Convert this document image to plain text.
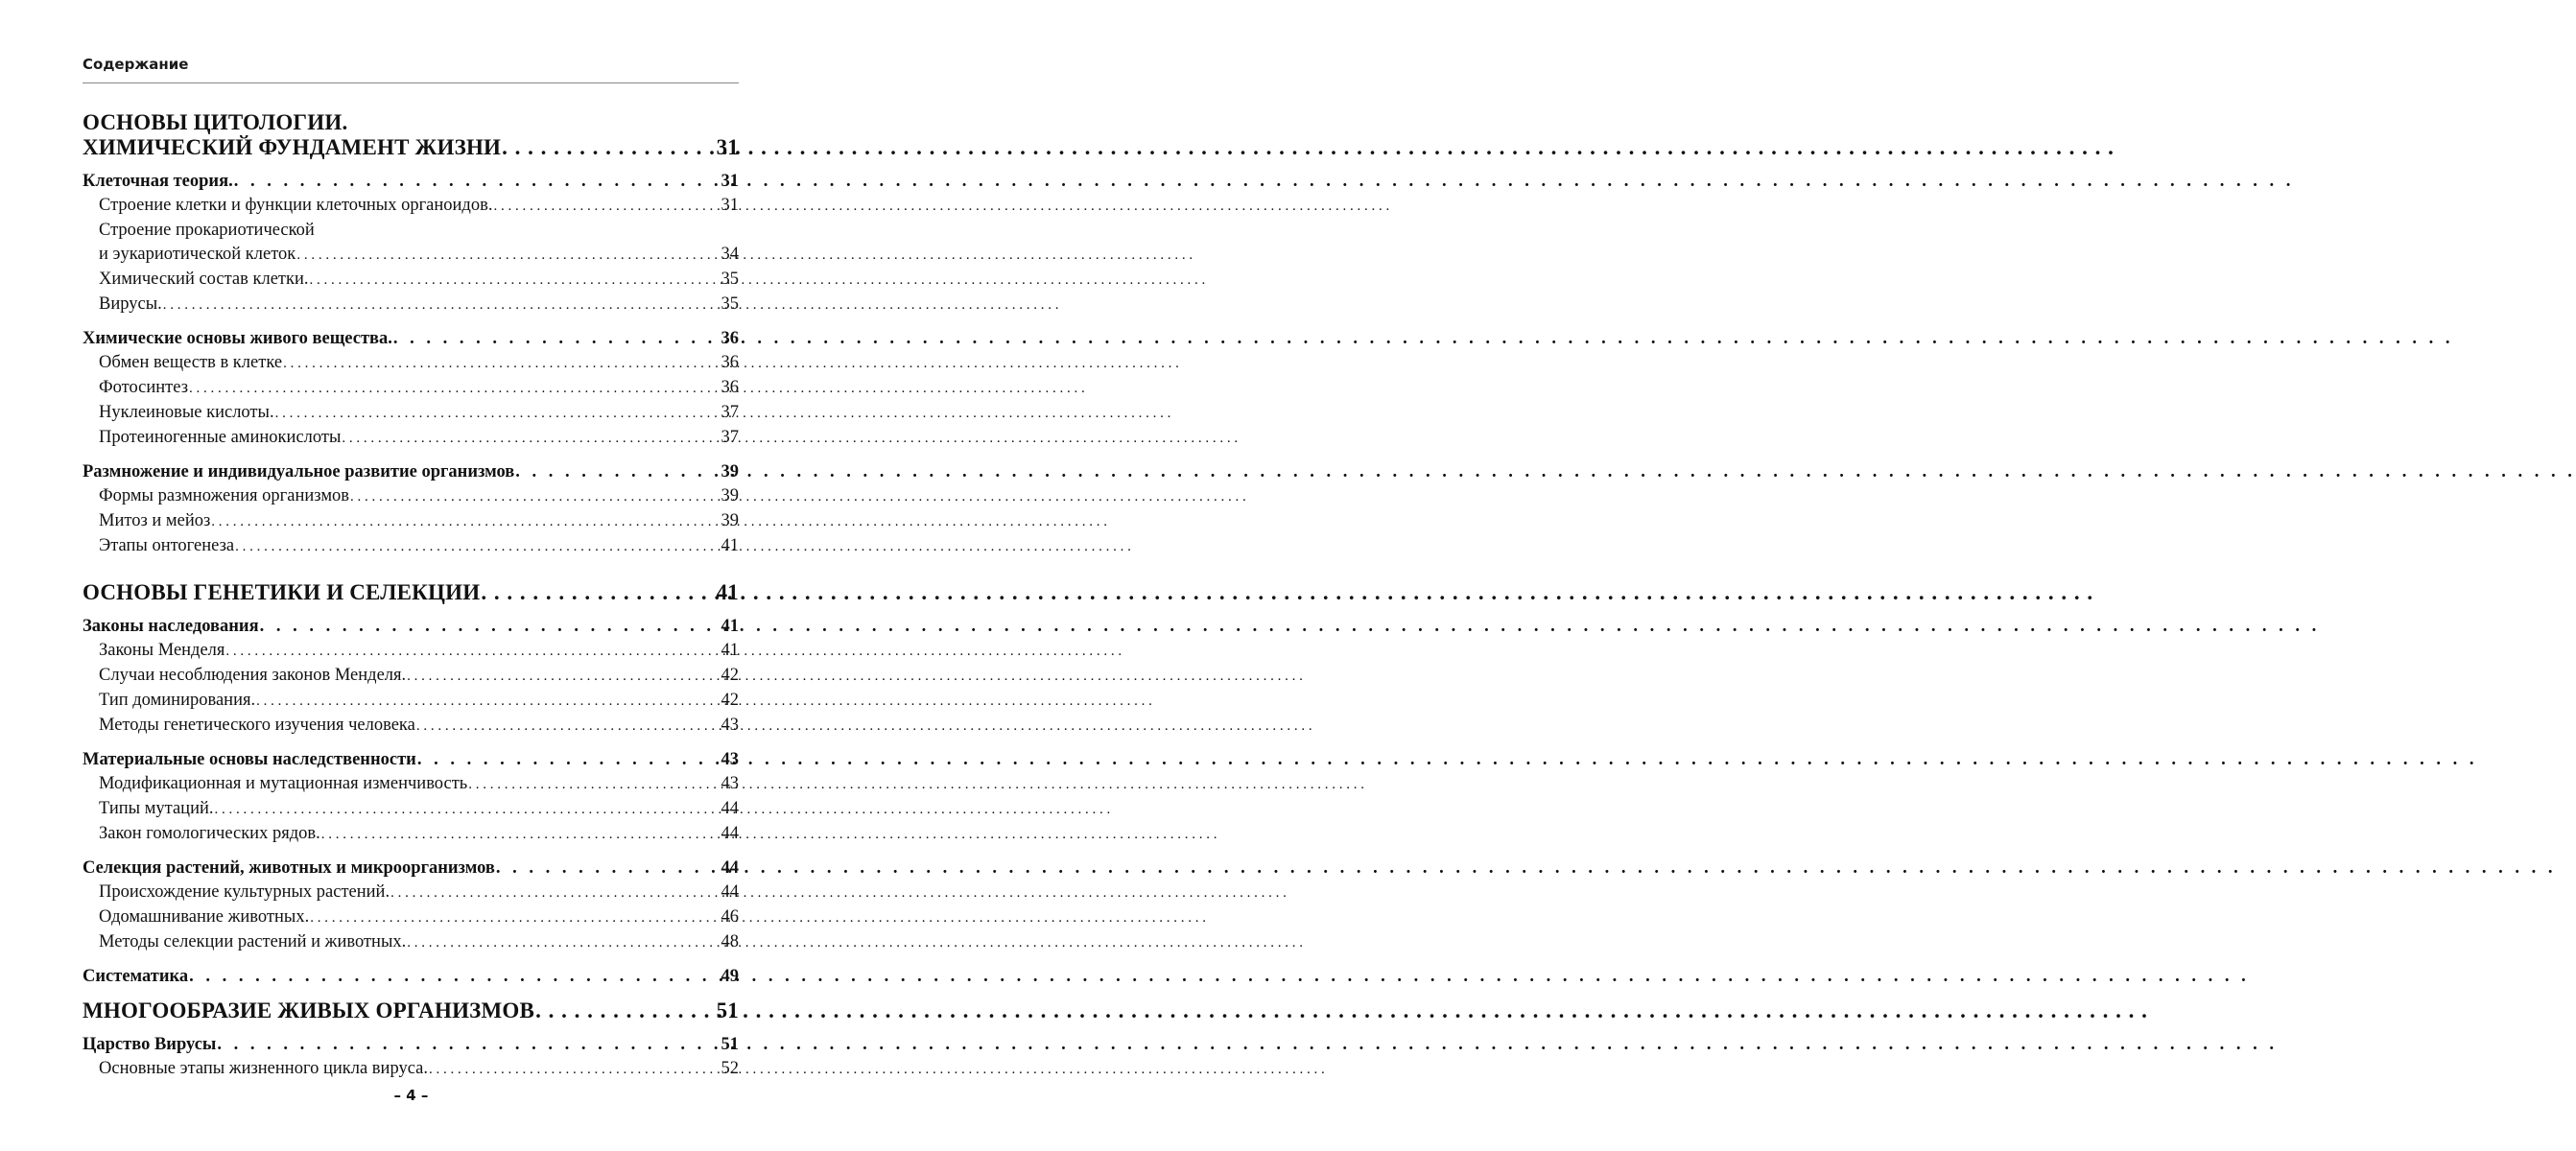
Содержание
ОСНОВЫ ЦИТОЛОГИИ.
ХИМИЧЕСКИЙ ФУНДАМЕНТ ЖИЗНИ . . .	31
Клеточная теория. . . .	31
Строение клетки и функции клеточных органоидов. . . .	31
Строение прокариотической
и эукариотической клеток . . .	34
Химический состав клетки. . . .	35
Вирусы. . . .	35
Химические основы живого вещества. . . .	36
Обмен веществ в клетке . . .	36
Фотосинтез . . .	36
Нуклеиновые кислоты. . . .	37
Протеиногенные аминокислоты . . .	37
Размножение и индивидуальное развитие организмов . . .	39
Формы размножения организмов . . .	39
Митоз и мейоз . . .	39
Этапы онтогенеза . . .	41
ОСНОВЫ ГЕНЕТИКИ И СЕЛЕКЦИИ . . .	41
Законы наследования . . .	41
Законы Менделя . . .	41
Случаи несоблюдения законов Менделя. . . .	42
Тип доминирования. . . .	42
Методы генетического изучения человека . . .	43
Материальные основы наследственности . . .	43
Модификационная и мутационная изменчивость . . .	43
Типы мутаций. . . .	44
Закон гомологических рядов. . . .	44
Селекция растений, животных и микроорганизмов . . .	44
Происхождение культурных растений. . . .	44
Одомашнивание животных. . . .	46
Методы селекции растений и животных. . . .	48
Систематика . . .	49
МНОГООБРАЗИЕ ЖИВЫХ ОРГАНИЗМОВ . . .	51
Царство Вирусы . . .	51
Основные этапы жизненного цикла вируса. . . .	52
– 4 –
